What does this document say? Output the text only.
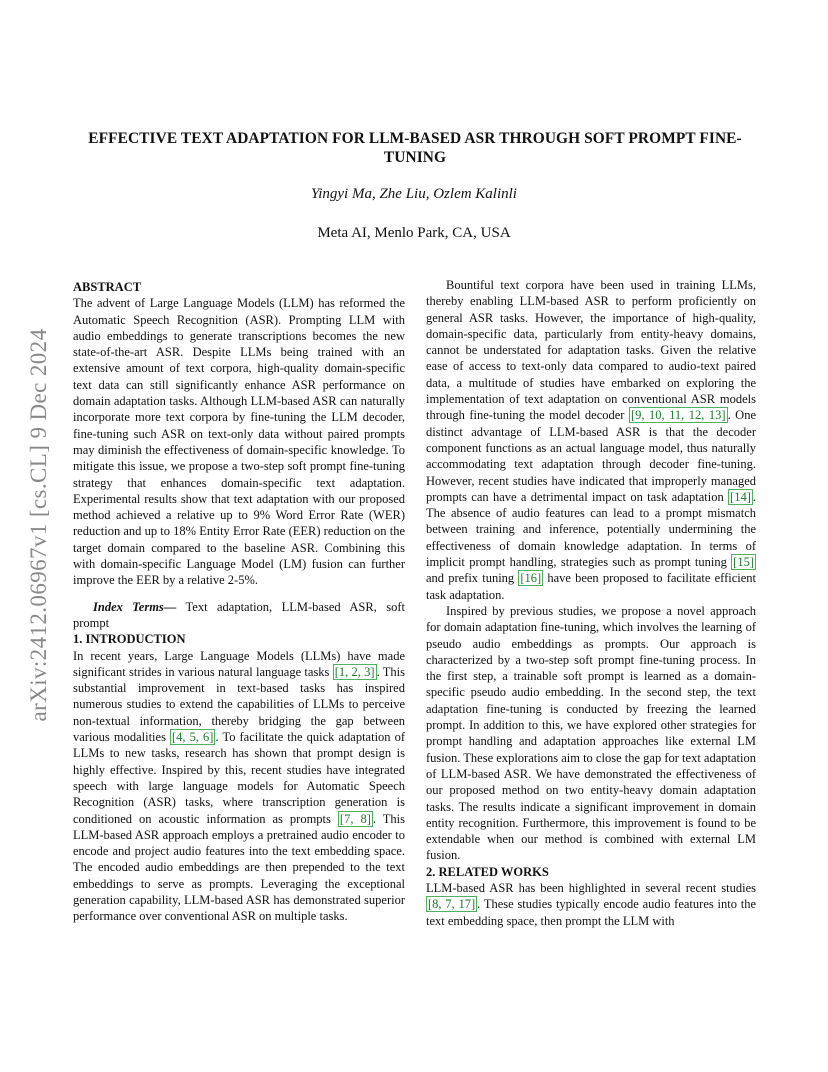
arXiv:2412.06967v1 [cs.CL] 9 Dec 2024
EFFECTIVE TEXT ADAPTATION FOR LLM-BASED ASR THROUGH SOFT PROMPT FINE-TUNING
Yingyi Ma, Zhe Liu, Ozlem Kalinli
Meta AI, Menlo Park, CA, USA

ABSTRACT

The advent of Large Language Models (LLM) has reformed the Automatic Speech Recognition (ASR). Prompting LLM with audio embeddings to generate transcriptions becomes the new state-of-the-art ASR. Despite LLMs being trained with an extensive amount of text corpora, high-quality domain-specific text data can still significantly enhance ASR performance on domain adaptation tasks. Although LLM-based ASR can naturally incorporate more text corpora by fine-tuning the LLM decoder, fine-tuning such ASR on text-only data without paired prompts may diminish the effectiveness of domain-specific knowledge. To mitigate this issue, we propose a two-step soft prompt fine-tuning strategy that enhances domain-specific text adaptation. Experimental results show that text adaptation with our proposed method achieved a relative up to 9% Word Error Rate (WER) reduction and up to 18% Entity Error Rate (EER) reduction on the target domain compared to the baseline ASR. Combining this with domain-specific Language Model (LM) fusion can further improve the EER by a relative 2-5%.

Index Terms— Text adaptation, LLM-based ASR, soft prompt

1. INTRODUCTION

In recent years, Large Language Models (LLMs) have made significant strides in various natural language tasks [1, 2, 3] . This substantial improvement in text-based tasks has inspired numerous studies to extend the capabilities of LLMs to perceive non-textual information, thereby bridging the gap between various modalities [4, 5, 6] . To facilitate the quick adaptation of LLMs to new tasks, research has shown that prompt design is highly effective. Inspired by this, recent studies have integrated speech with large language models for Automatic Speech Recognition (ASR) tasks, where transcription generation is conditioned on acoustic information as prompts [7, 8] . This LLM-based ASR approach employs a pretrained audio encoder to encode and project audio features into the text embedding space. The encoded audio embeddings are then prepended to the text embeddings to serve as prompts. Leveraging the exceptional generation capability, LLM-based ASR has demonstrated superior performance over conventional ASR on multiple tasks.

Bountiful text corpora have been used in training LLMs, thereby enabling LLM-based ASR to perform proficiently on general ASR tasks. However, the importance of high-quality, domain-specific data, particularly from entity-heavy domains, cannot be understated for adaptation tasks. Given the relative ease of access to text-only data compared to audio-text paired data, a multitude of studies have embarked on exploring the implementation of text adaptation on conventional ASR models through fine-tuning the model decoder [9, 10, 11, 12, 13] . One distinct advantage of LLM-based ASR is that the decoder component functions as an actual language model, thus naturally accommodating text adaptation through decoder fine-tuning. However, recent studies have indicated that improperly managed prompts can have a detrimental impact on task adaptation [14] . The absence of audio features can lead to a prompt mismatch between training and inference, potentially undermining the effectiveness of domain knowledge adaptation. In terms of implicit prompt handling, strategies such as prompt tuning [15] and prefix tuning [16] have been proposed to facilitate efficient task adaptation.

Inspired by previous studies, we propose a novel approach for domain adaptation fine-tuning, which involves the learning of pseudo audio embeddings as prompts. Our approach is characterized by a two-step soft prompt fine-tuning process. In the first step, a trainable soft prompt is learned as a domain-specific pseudo audio embedding. In the second step, the text adaptation fine-tuning is conducted by freezing the learned prompt. In addition to this, we have explored other strategies for prompt handling and adaptation approaches like external LM fusion. These explorations aim to close the gap for text adaptation of LLM-based ASR. We have demonstrated the effectiveness of our proposed method on two entity-heavy domain adaptation tasks. The results indicate a significant improvement in domain entity recognition. Furthermore, this improvement is found to be extendable when our method is combined with external LM fusion.

2. RELATED WORKS

LLM-based ASR has been highlighted in several recent studies [8, 7, 17] . These studies typically encode audio features into the text embedding space, then prompt the LLM with
